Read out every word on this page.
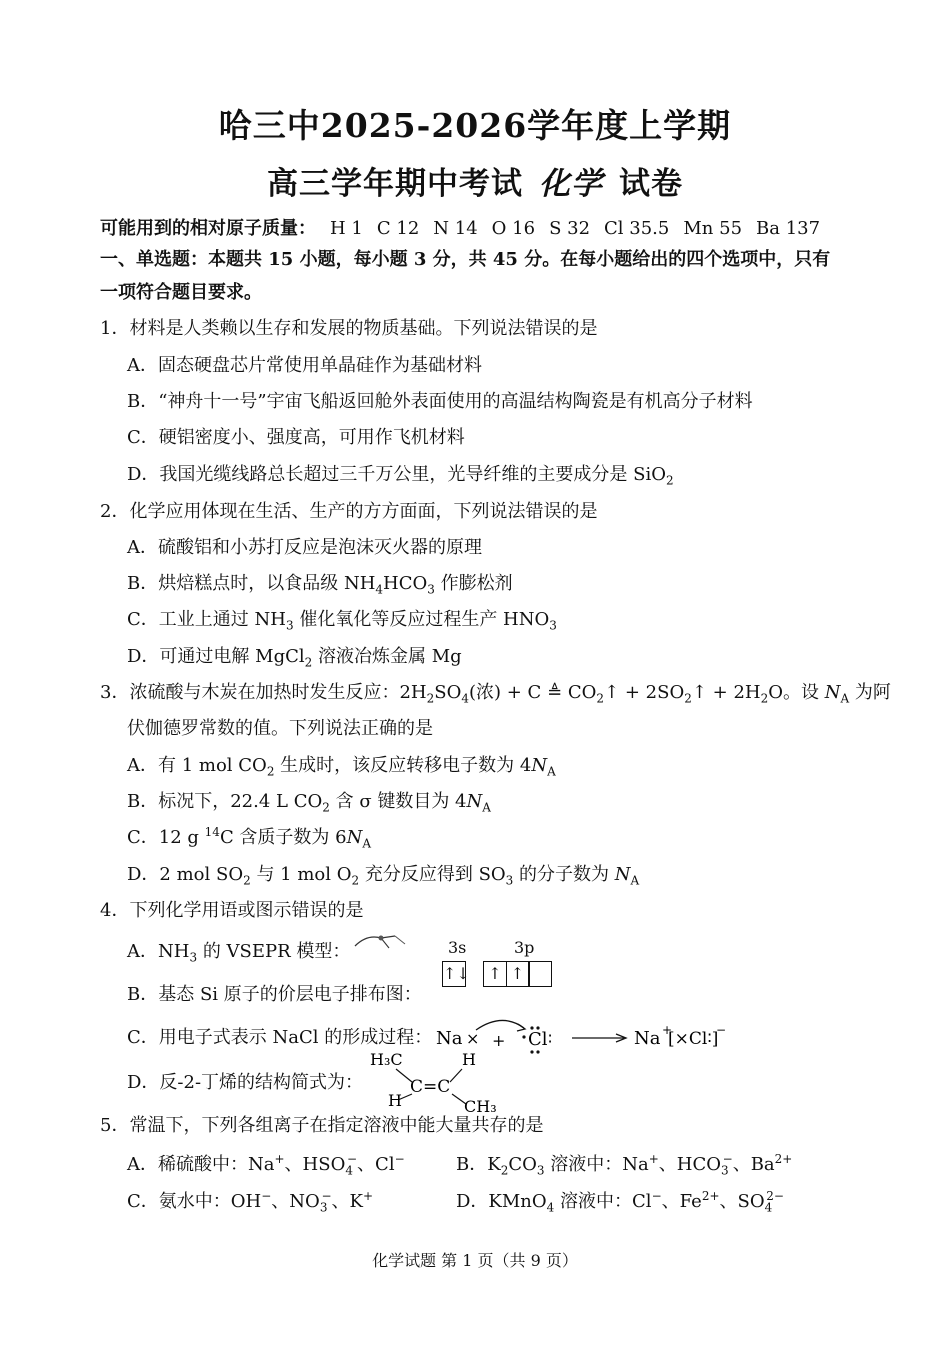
哈三中2025-2026学年度上学期
高三学年期中考试 化学 试卷
可能用到的相对原子质量： H 1 C 12 N 14 O 16 S 32 Cl 35.5 Mn 55 Ba 137
一、单选题：本题共 15 小题，每小题 3 分，共 45 分。在每小题给出的四个选项中，只有
一项符合题目要求。
1．材料是人类赖以生存和发展的物质基础。下列说法错误的是
A．固态硬盘芯片常使用单晶硅作为基础材料
B．“神舟十一号”宇宙飞船返回舱外表面使用的高温结构陶瓷是有机高分子材料
C．硬铝密度小、强度高，可用作飞机材料
D．我国光缆线路总长超过三千万公里，光导纤维的主要成分是 SiO$_2$
2．化学应用体现在生活、生产的方方面面，下列说法错误的是
A．硫酸铝和小苏打反应是泡沫灭火器的原理
B．烘焙糕点时，以食品级 $NH_4HCO_3$ 作膨松剂
C．工业上通过 $NH_3$ 催化氧化等反应过程生产 $HNO_3$
D．可通过电解 MgCl$_2$ 溶液冶炼金属 Mg
3．浓硫酸与木炭在加热时发生反应：$2H_2SO_4$(浓) + C ≜ $CO_2↑$ + $2SO_2↑ + 2H_2O$。设 $N_A$ 为阿
伏伽德罗常数的值。下列说法正确的是
A．有 1 mol $CO_2$ 生成时，该反应转移电子数为 $4N_A$
B．标况下，22.4 L $CO_2$ 含 σ 键数目为 $4N_A$
C．12 g $^{14}$C 含质子数为 $6N_A$
D．2 mol $SO_2$ 与 1 mol $O_2$ 充分反应得到 $SO_3$ 的分子数为 $N_A$
4．下列化学用语或图示错误的是
A．$NH_3$ 的 VSEPR 模型：	3s	3p
↑↓	↑ ↑
B．基态 Si 原子的价层电子排布图：
C．用电子式表示 NaCl 的形成过程： Na × + Cl ∶	Na +
[×Cl∶]
−
D．反-2-丁烯的结构简式为：
H₃C	H
C=C
H	CH₃
5．常温下，下列各组离子在指定溶液中能大量共存的是
A．稀硫酸中：Na+、$HSO_4^-$、Cl−	B．$K_2CO_3$ 溶液中：Na+、$HCO_3^-$、$Ba^{2+}$
C．氨水中：OH−、$NO_3^-$、K+	D．KMnO$_4$ 溶液中：Cl−、$Fe^{2+}$、$SO_4^{2-}$
化学试题 第 1 页（共 9 页）
